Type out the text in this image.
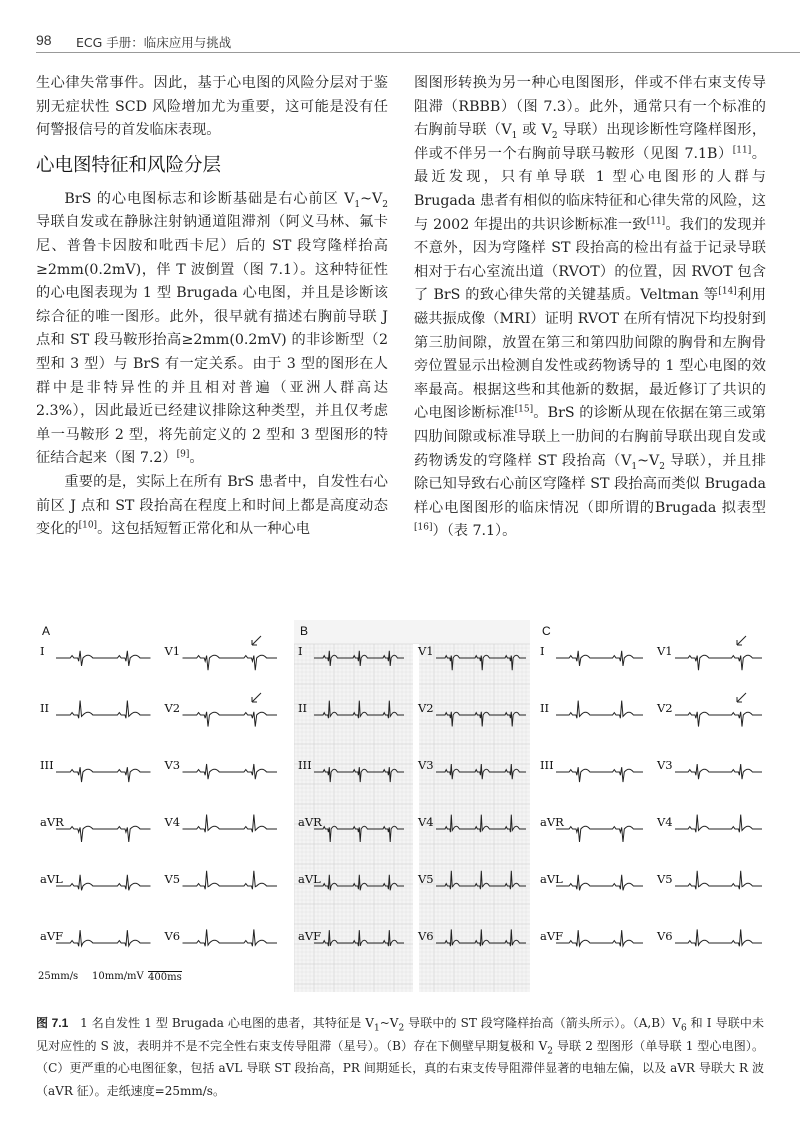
98 ECG 手册：临床应用与挑战

生心律失常事件。因此，基于心电图的风险分层对于鉴别无症状性 SCD 风险增加尤为重要，这可能是没有任何警报信号的首发临床表现。

心电图特征和风险分层

BrS 的心电图标志和诊断基础是右心前区 $V_1\sim V_2$ 导联自发或在静脉注射钠通道阻滞剂（阿义马林、氟卡尼、普鲁卡因胺和吡西卡尼）后的 ST 段穹隆样抬高≥2mm(0.2mV)，伴 T 波倒置（图 7.1）。这种特征性的心电图表现为 1 型 Brugada 心电图，并且是诊断该综合征的唯一图形。此外，很早就有描述右胸前导联 J 点和 ST 段马鞍形抬高≥2mm(0.2mV) 的非诊断型（2 型和 3 型）与 BrS 有一定关系。由于 3 型的图形在人群中是非特异性的并且相对普遍（亚洲人群高达 2.3%），因此最近已经建议排除这种类型，并且仅考虑单一马鞍形 2 型，将先前定义的 2 型和 3 型图形的特征结合起来（图 7.2）[9]。

重要的是，实际上在所有 BrS 患者中，自发性右心前区 J 点和 ST 段抬高在程度上和时间上都是高度动态变化的[10]。这包括短暂正常化和从一种心电

图图形转换为另一种心电图图形，伴或不伴右束支传导阻滞（RBBB）（图 7.3）。此外，通常只有一个标准的右胸前导联（$V_1$ 或 $V_2$ 导联）出现诊断性穹隆样图形，伴或不伴另一个右胸前导联马鞍形（见图 7.1B）[11]。最近发现，只有单导联 1 型心电图形的人群与 Brugada 患者有相似的临床特征和心律失常的风险，这与 2002 年提出的共识诊断标准一致[11]。我们的发现并不意外，因为穹隆样 ST 段抬高的检出有益于记录导联相对于右心室流出道（RVOT）的位置，因 RVOT 包含了 BrS 的致心律失常的关键基质。Veltman 等[14]利用磁共振成像（MRI）证明 RVOT 在所有情况下均投射到第三肋间隙，放置在第三和第四肋间隙的胸骨和左胸骨旁位置显示出检测自发性或药物诱导的 1 型心电图的效率最高。根据这些和其他新的数据，最近修订了共识的心电图诊断标准[15]。BrS 的诊断从现在依据在第三或第四肋间隙或标准导联上一肋间的右胸前导联出现自发或药物诱发的穹隆样 ST 段抬高（$V_1\sim V_2$ 导联），并且排除已知导致右心前区穹隆样 ST 段抬高而类似 Brugada 样心电图图形的临床情况（即所谓的Brugada 拟表型[16]）（表 7.1）。

A
I
II
III
aVR
aVL
aVF
V1
V2
V3
V4
V5
V6
B
I
II
III
aVR
aVL
aVF
V1
V2
V3
V4
V5
V6
C
I
II
III
aVR
aVL
aVF
V1
V2
V3
V4
V5
V6
25mm/s 10mm/mV 400ms
图 7.1 1 名自发性 1 型 Brugada 心电图的患者，其特征是 $V_1\sim V_2$ 导联中的 ST 段穹隆样抬高（箭头所示）。$(A,B)V_6$ 和 Ⅰ 导联中未见对应性的 S 波，表明并不是不完全性右束支传导阻滞（星号）。（B）存在下侧壁早期复极和 $V_2$ 导联 2 型图形（单导联 1 型心电图）。（C）更严重的心电图征象，包括 aVL 导联 ST 段抬高，PR 间期延长，真的右束支传导阻滞伴显著的电轴左偏，以及 aVR 导联大 R 波（aVR 征）。走纸速度=25mm/s。
